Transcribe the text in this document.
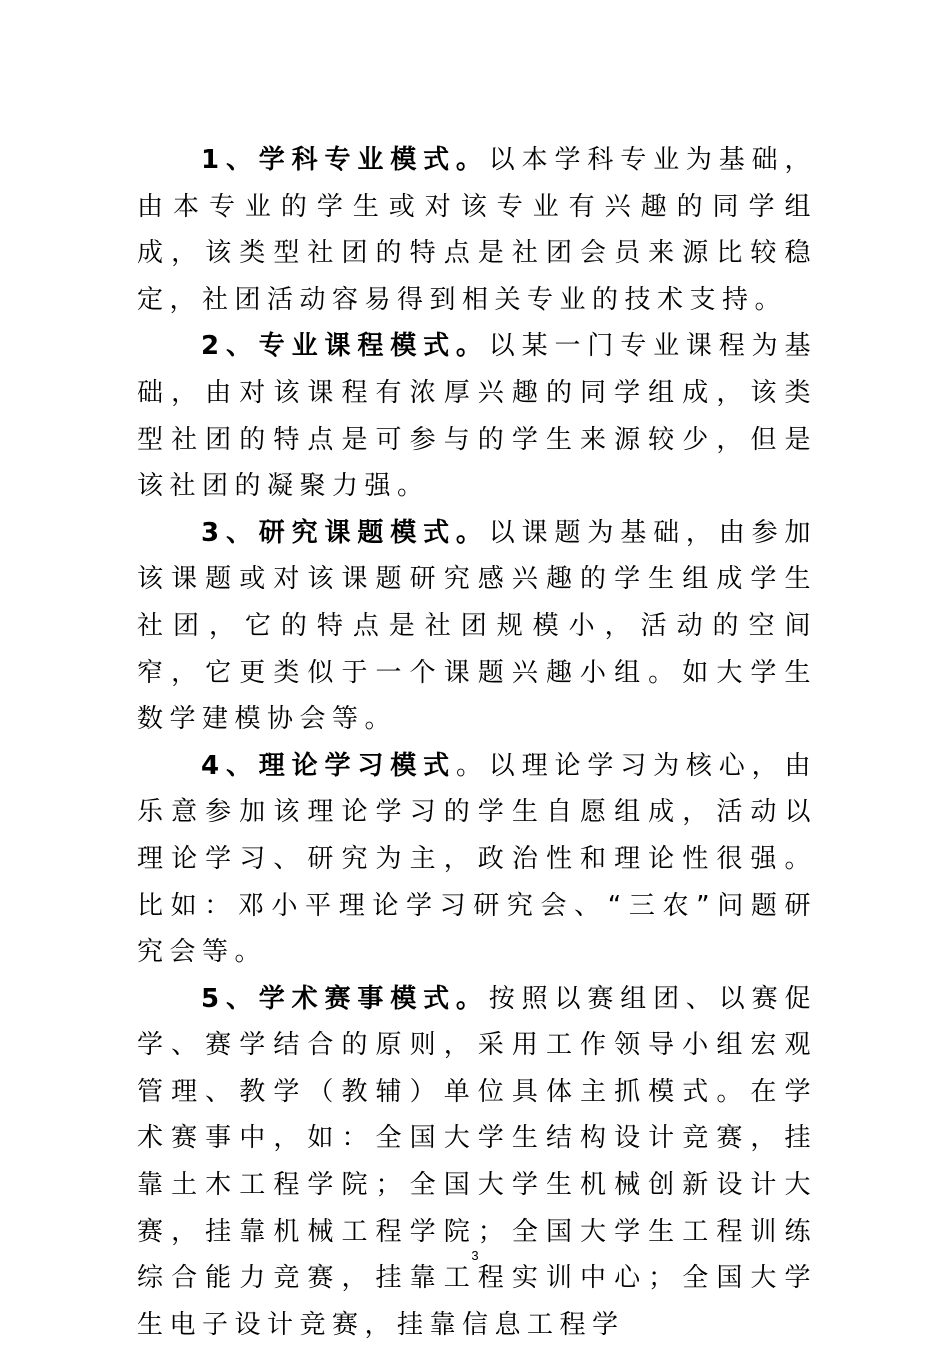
1、学科专业模式。以本学科专业为基础，由本专业的学生或对该专业有兴趣的同学组成，该类型社团的特点是社团会员来源比较稳定，社团活动容易得到相关专业的技术支持。

2、专业课程模式。以某一门专业课程为基础，由对该课程有浓厚兴趣的同学组成，该类型社团的特点是可参与的学生来源较少，但是该社团的凝聚力强。

3、研究课题模式。以课题为基础，由参加该课题或对该课题研究感兴趣的学生组成学生社团，它的特点是社团规模小，活动的空间窄，它更类似于一个课题兴趣小组。如大学生数学建模协会等。

4、理论学习模式。以理论学习为核心，由乐意参加该理论学习的学生自愿组成，活动以理论学习、研究为主，政治性和理论性很强。比如：邓小平理论学习研究会、“三农”问题研究会等。

5、学术赛事模式。按照以赛组团、以赛促学、赛学结合的原则，采用工作领导小组宏观管理、教学（教辅）单位具体主抓模式。在学术赛事中，如：全国大学生结构设计竞赛，挂靠土木工程学院；全国大学生机械创新设计大赛，挂靠机械工程学院；全国大学生工程训练综合能力竞赛，挂靠工程实训中心；全国大学生电子设计竞赛，挂靠信息工程学

3
